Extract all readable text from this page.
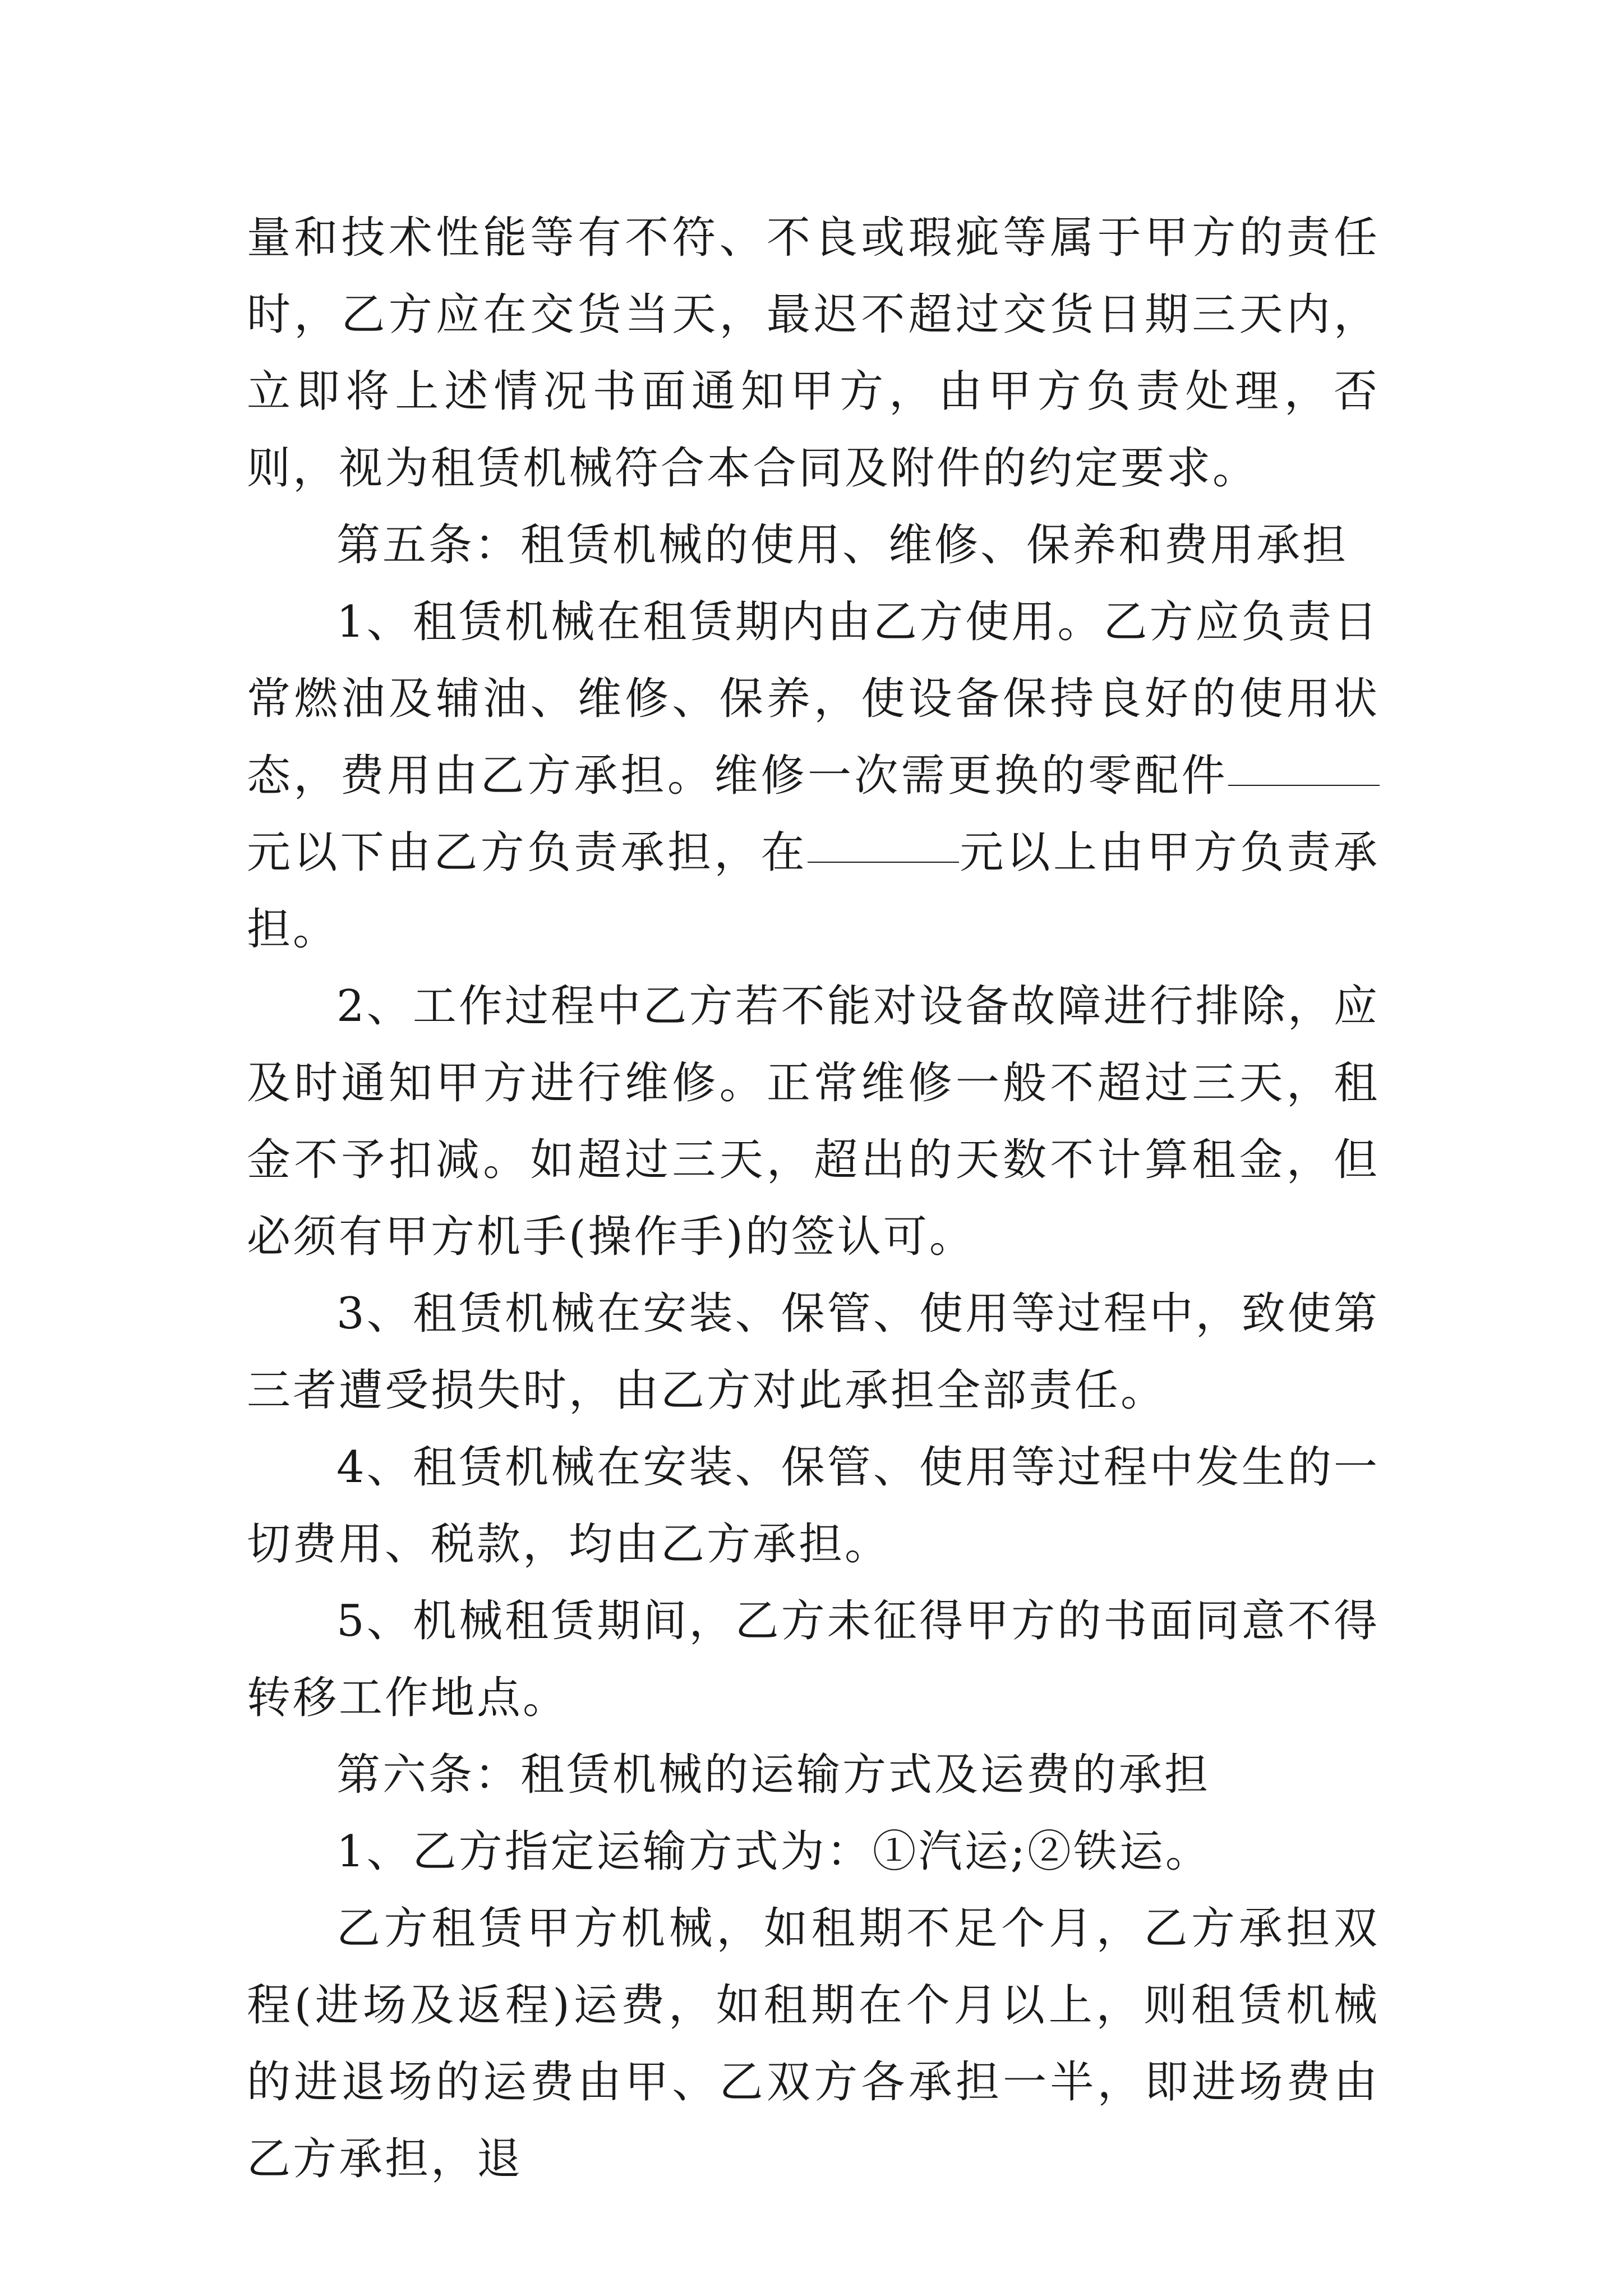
量和技术性能等有不符、不良或瑕疵等属于甲方的责任时，乙方应在交货当天，最迟不超过交货日期三天内，立即将上述情况书面通知甲方，由甲方负责处理，否则，视为租赁机械符合本合同及附件的约定要求。

第五条：租赁机械的使用、维修、保养和费用承担

1、租赁机械在租赁期内由乙方使用。乙方应负责日常燃油及辅油、维修、保养，使设备保持良好的使用状态，费用由乙方承担。维修一次需更换的零配件元以下由乙方负责承担，在	元以上由甲方负责承担。

2、工作过程中乙方若不能对设备故障进行排除，应及时通知甲方进行维修。正常维修一般不超过三天，租金不予扣减。如超过三天，超出的天数不计算租金，但必须有甲方机手(操作手)的签认可。

3、租赁机械在安装、保管、使用等过程中，致使第三者遭受损失时，由乙方对此承担全部责任。

4、租赁机械在安装、保管、使用等过程中发生的一切费用、税款，均由乙方承担。

5、机械租赁期间，乙方未征得甲方的书面同意不得转移工作地点。

第六条：租赁机械的运输方式及运费的承担

1、乙方指定运输方式为：①汽运;②铁运。

乙方租赁甲方机械，如租期不足个月，乙方承担双程(进场及返程)运费，如租期在个月以上，则租赁机械的进退场的运费由甲、乙双方各承担一半，即进场费由乙方承担，退
